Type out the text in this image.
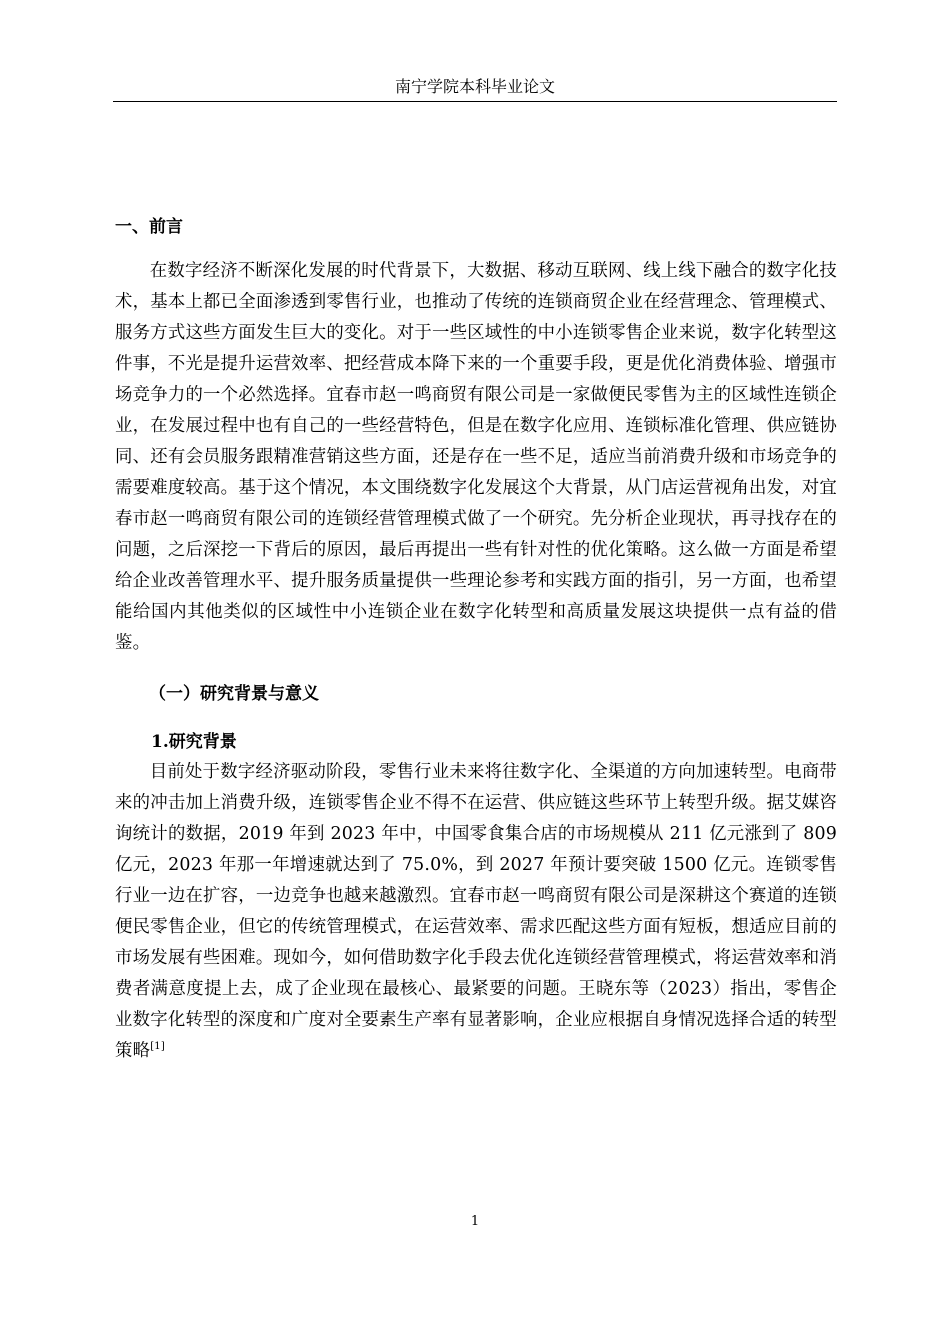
南宁学院本科毕业论文
一、前言

在数字经济不断深化发展的时代背景下，大数据、移动互联网、线上线下融合的数字化技术，基本上都已全面渗透到零售行业，也推动了传统的连锁商贸企业在经营理念、管理模式、服务方式这些方面发生巨大的变化。对于一些区域性的中小连锁零售企业来说，数字化转型这件事，不光是提升运营效率、把经营成本降下来的一个重要手段，更是优化消费体验、增强市场竞争力的一个必然选择。宜春市赵一鸣商贸有限公司是一家做便民零售为主的区域性连锁企业，在发展过程中也有自己的一些经营特色，但是在数字化应用、连锁标准化管理、供应链协同、还有会员服务跟精准营销这些方面，还是存在一些不足，适应当前消费升级和市场竞争的需要难度较高。基于这个情况，本文围绕数字化发展这个大背景，从门店运营视角出发，对宜春市赵一鸣商贸有限公司的连锁经营管理模式做了一个研究。先分析企业现状，再寻找存在的问题，之后深挖一下背后的原因，最后再提出一些有针对性的优化策略。这么做一方面是希望给企业改善管理水平、提升服务质量提供一些理论参考和实践方面的指引，另一方面，也希望能给国内其他类似的区域性中小连锁企业在数字化转型和高质量发展这块提供一点有益的借鉴。

（一）研究背景与意义
1.研究背景

目前处于数字经济驱动阶段，零售行业未来将往数字化、全渠道的方向加速转型。电商带来的冲击加上消费升级，连锁零售企业不得不在运营、供应链这些环节上转型升级。据艾媒咨询统计的数据，2019 年到 2023 年中，中国零食集合店的市场规模从 211 亿元涨到了 809 亿元，2023 年那一年增速就达到了 75.0%，到 2027 年预计要突破 1500 亿元。连锁零售行业一边在扩容，一边竞争也越来越激烈。宜春市赵一鸣商贸有限公司是深耕这个赛道的连锁便民零售企业，但它的传统管理模式，在运营效率、需求匹配这些方面有短板，想适应目前的市场发展有些困难。现如今，如何借助数字化手段去优化连锁经营管理模式，将运营效率和消费者满意度提上去，成了企业现在最核心、最紧要的问题。王晓东等（2023）指出，零售企业数字化转型的深度和广度对全要素生产率有显著影响，企业应根据自身情况选择合适的转型策略[1]

1
